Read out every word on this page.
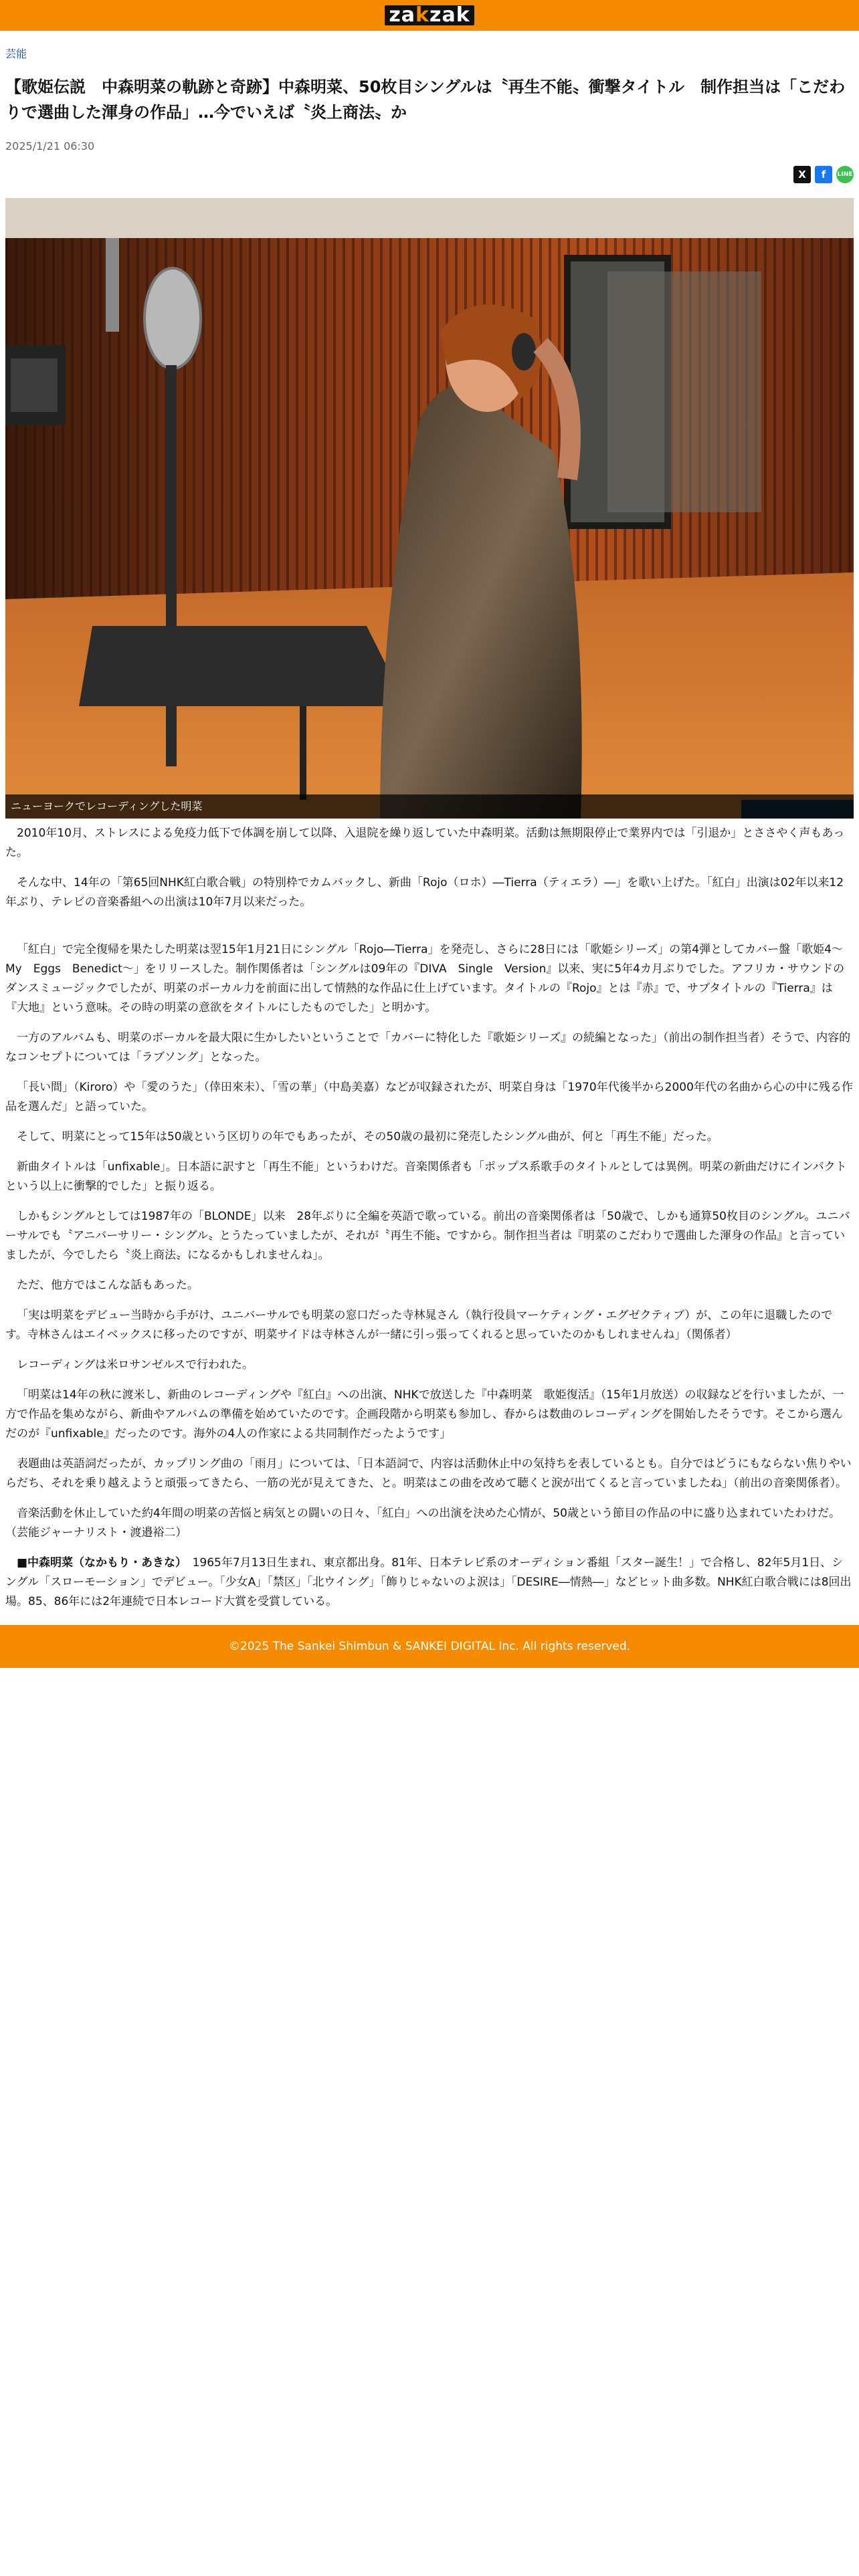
zakzak
芸能
【歌姫伝説　中森明菜の軌跡と奇跡】中森明菜、50枚目シングルは〝再生不能〟衝撃タイトル　制作担当は「こだわりで選曲した渾身の作品」…今でいえば〝炎上商法〟か
2025/1/21 06:30
X	f	LINE
ニューヨークでレコーディングした明菜

2010年10月、ストレスによる免疫力低下で体調を崩して以降、入退院を繰り返していた中森明菜。活動は無期限停止で業界内では「引退か」とささやく声もあった。

そんな中、14年の「第65回NHK紅白歌合戦」の特別枠でカムバックし、新曲「Rojo（ロホ）―Tierra（ティエラ）―」を歌い上げた。「紅白」出演は02年以来12年ぶり、テレビの音楽番組への出演は10年7月以来だった。

「紅白」で完全復帰を果たした明菜は翌15年1月21日にシングル「Rojo―Tierra」を発売し、さらに28日には「歌姫シリーズ」の第4弾としてカバー盤「歌姫4～My　Eggs　Benedict～」をリリースした。制作関係者は「シングルは09年の『DIVA　Single　Version』以来、実に5年4カ月ぶりでした。アフリカ・サウンドのダンスミュージックでしたが、明菜のボーカル力を前面に出して情熱的な作品に仕上げています。タイトルの『Rojo』とは『赤』で、サブタイトルの『Tierra』は『大地』という意味。その時の明菜の意欲をタイトルにしたものでした」と明かす。

一方のアルバムも、明菜のボーカルを最大限に生かしたいということで「カバーに特化した『歌姫シリーズ』の続編となった」（前出の制作担当者）そうで、内容的なコンセプトについては「ラブソング」となった。

「長い間」（Kiroro）や「愛のうた」（倖田來未）、「雪の華」（中島美嘉）などが収録されたが、明菜自身は「1970年代後半から2000年代の名曲から心の中に残る作品を選んだ」と語っていた。

そして、明菜にとって15年は50歳という区切りの年でもあったが、その50歳の最初に発売したシングル曲が、何と「再生不能」だった。

新曲タイトルは「unfixable」。日本語に訳すと「再生不能」というわけだ。音楽関係者も「ポップス系歌手のタイトルとしては異例。明菜の新曲だけにインパクトという以上に衝撃的でした」と振り返る。

しかもシングルとしては1987年の「BLONDE」以来　28年ぶりに全編を英語で歌っている。前出の音楽関係者は「50歳で、しかも通算50枚目のシングル。ユニバーサルでも〝アニバーサリー・シングル〟とうたっていましたが、それが〝再生不能〟ですから。制作担当者は『明菜のこだわりで選曲した渾身の作品』と言っていましたが、今でしたら〝炎上商法〟になるかもしれませんね」。

ただ、他方ではこんな話もあった。

「実は明菜をデビュー当時から手がけ、ユニバーサルでも明菜の窓口だった寺林晁さん（執行役員マーケティング・エグゼクティブ）が、この年に退職したのです。寺林さんはエイベックスに移ったのですが、明菜サイドは寺林さんが一緒に引っ張ってくれると思っていたのかもしれませんね」（関係者）

レコーディングは米ロサンゼルスで行われた。

「明菜は14年の秋に渡米し、新曲のレコーディングや『紅白』への出演、NHKで放送した『中森明菜　歌姫復活』（15年1月放送）の収録などを行いましたが、一方で作品を集めながら、新曲やアルバムの準備を始めていたのです。企画段階から明菜も参加し、春からは数曲のレコーディングを開始したそうです。そこから選んだのが『unfixable』だったのです。海外の4人の作家による共同制作だったようです」

表題曲は英語詞だったが、カップリング曲の「雨月」については、「日本語詞で、内容は活動休止中の気持ちを表しているとも。自分ではどうにもならない焦りやいらだち、それを乗り越えようと頑張ってきたら、一筋の光が見えてきた、と。明菜はこの曲を改めて聴くと涙が出てくると言っていましたね」（前出の音楽関係者）。

音楽活動を休止していた約4年間の明菜の苦悩と病気との闘いの日々、「紅白」への出演を決めた心情が、50歳という節目の作品の中に盛り込まれていたわけだ。（芸能ジャーナリスト・渡邉裕二）

■中森明菜（なかもり・あきな）　 1965年7月13日生まれ、東京都出身。81年、日本テレビ系のオーディション番組「スター誕生！」で合格し、82年5月1日、シングル「スローモーション」でデビュー。「少女A」「禁区」「北ウイング」「飾りじゃないのよ涙は」「DESIRE―情熱―」などヒット曲多数。NHK紅白歌合戦には8回出場。85、86年には2年連続で日本レコード大賞を受賞している。

©2025 The Sankei Shimbun & SANKEI DIGITAL Inc. All rights reserved.
